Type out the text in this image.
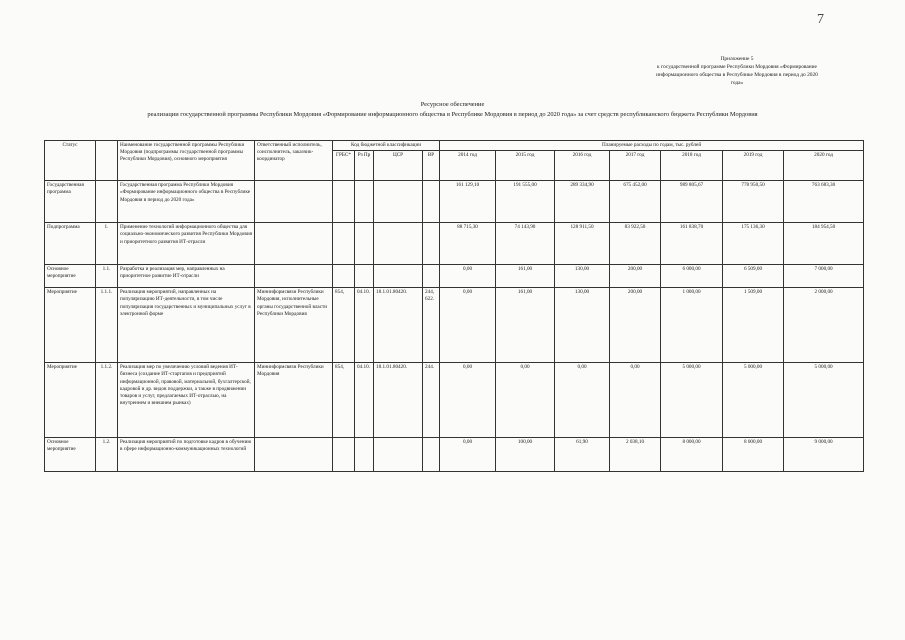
7
Приложение 5
к государственной программе Республики Мордовия «Формирование
информационного общества в Республике Мордовия в период до 2020
года»
Ресурсное обеспечение
реализации государственной программы Республики Мордовия «Формирование информационного общества в Республике Мордовия в период до 2020 года» за счет средств республиканского бюджета Республики Мордовия
Статус		Наименование государственной программы Республики Мордовия (подпрограммы государственной программы Республики Мордовия), основного мероприятия	Ответственный исполнитель, соисполнитель, заказчик-координатор	Код бюджетной классификации				Планируемые расходы по годам, тыс. рублей						
				ГРБС*	Рз Пр	ЦСР	ВР	2014 год	2015 год	2016 год	2017 год	2018 год	2019 год	2020 год
Государственная программа		Государственная программа Республики Мордовия «Формирование информационного общества в Республике Мордовия в период до 2020 года»						161 129,10	191 555,00	289 334,90	675 452,00	989 805,67	778 950,50	763 683,30
Подпрограмма	1.	Применение технологий информационного общества для социально-экономического развития Республики Мордовия и приоритетного развития ИТ-отрасли						88 715,30	74 143,90	128 911,50	83 922,50	161 838,70	175 136,30	184 954,50
Основное мероприятие	1.1.	Разработка и реализация мер, направленных на приоритетное развитие ИТ-отрасли						0,00	161,00	130,00	200,00	6 000,00	6 509,00	7 000,00
Мероприятие	1.1.1.	Реализация мероприятий, направленных на популяризацию ИТ-деятельности, в том числе популяризация государственных и муниципальных услуг в электронной форме	Мининформсвязи Республики Мордовия, исполнительные органы государственной власти Республики Мордовия	854,	04.10.	18.1.01.80420.	244, 622.	0,00	161,00	130,00	200,00	1 000,00	1 509,00	2 000,00
Мероприятие	1.1.2.	Реализация мер по увеличению условий ведения ИТ-бизнеса (создание ИТ-стартапов и предприятий информационной, правовой, материальной, бухгалтерской, кадровой и др. видов поддержки, а также в продвижении товаров и услуг, предлагаемых ИТ-отраслью, на внутреннем и внешнем рынках)	Мининформсвязи Республики Мордовия	854,	04.10.	18.1.01.80420.	244.	0,00	0,00	0,00	0,00	5 000,00	5 000,00	5 000,00
Основное мероприятие	1.2.	Реализация мероприятий по подготовке кадров в обучению в сфере информационно-коммуникационных технологий						0,00	100,00	61,90	2 038,10	8 000,00	8 000,00	9 000,00
